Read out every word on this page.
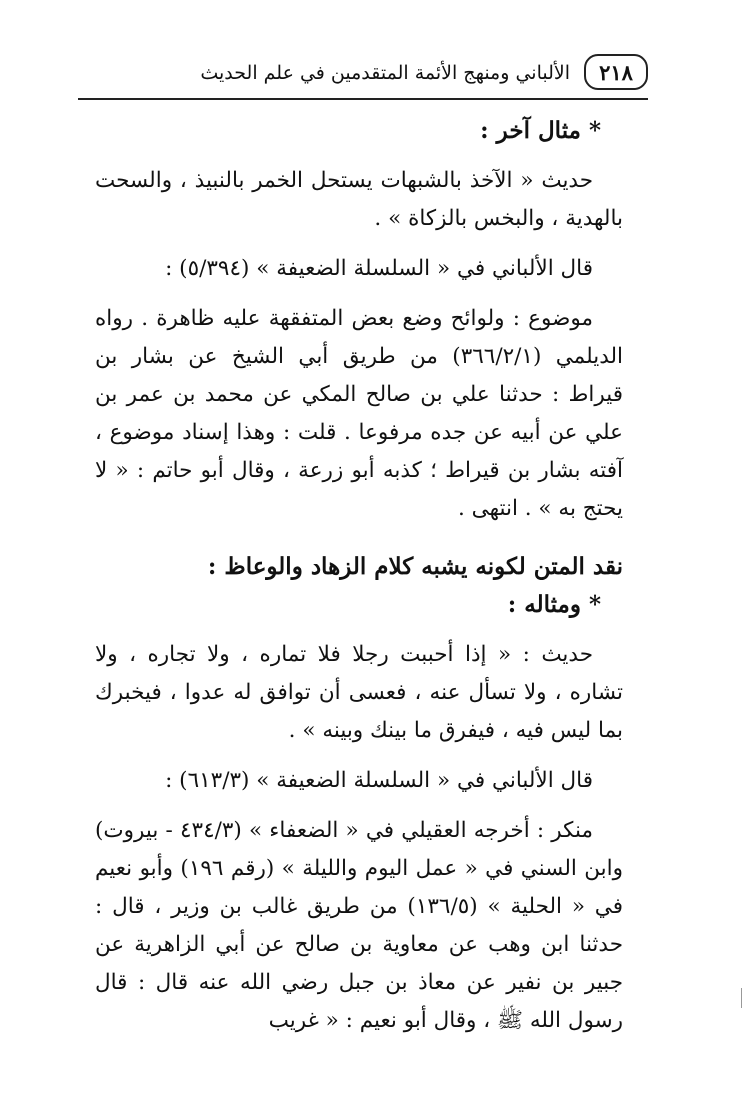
٢١٨
الألباني ومنهج الأئمة المتقدمين في علم الحديث

* مثال آخر :

حديث « الآخذ بالشبهات يستحل الخمر بالنبيذ ، والسحت بالهدية ، والبخس بالزكاة » .

قال الألباني في « السلسلة الضعيفة » (٥/٣٩٤) :

موضوع : ولوائح وضع بعض المتفقهة عليه ظاهرة . رواه الديلمي (٣٦٦/٢/١) من طريق أبي الشيخ عن بشار بن قيراط : حدثنا علي بن صالح المكي عن محمد بن عمر بن علي عن أبيه عن جده مرفوعا . قلت : وهذا إسناد موضوع ، آفته بشار بن قيراط ؛ كذبه أبو زرعة ، وقال أبو حاتم : « لا يحتج به » . انتهى .

نقد المتن لكونه يشبه كلام الزهاد والوعاظ :

* ومثاله :

حديث : « إذا أحببت رجلا فلا تماره ، ولا تجاره ، ولا تشاره ، ولا تسأل عنه ، فعسى أن توافق له عدوا ، فيخبرك بما ليس فيه ، فيفرق ما بينك وبينه » .

قال الألباني في « السلسلة الضعيفة » (٦١٣/٣) :

منكر : أخرجه العقيلي في « الضعفاء » (٤٣٤/٣ - بيروت) وابن السني في « عمل اليوم والليلة » (رقم ١٩٦) وأبو نعيم في « الحلية » (١٣٦/٥) من طريق غالب بن وزير ، قال : حدثنا ابن وهب عن معاوية بن صالح عن أبي الزاهرية عن جبير بن نفير عن معاذ بن جبل رضي الله عنه قال : قال رسول الله ﷺ ، وقال أبو نعيم : « غريب
